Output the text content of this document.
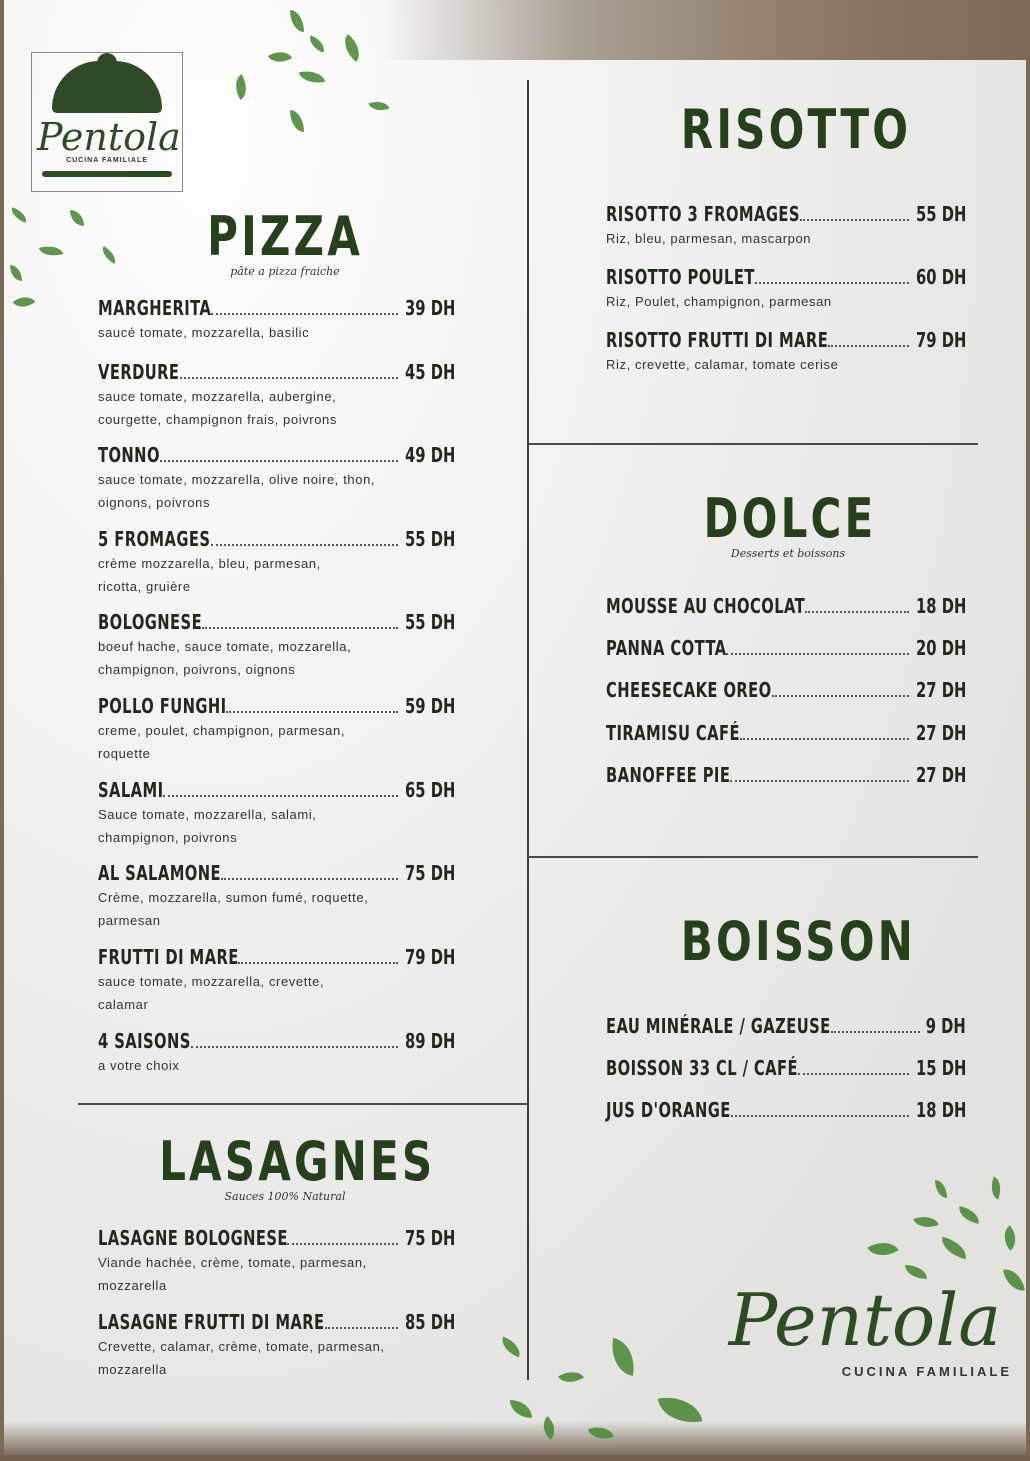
Pentola
CUCINA FAMILIALE
PIZZA
pâte a pizza fraiche
MARGHERITA	39 DH
saucé tomate, mozzarella, basilic
VERDURE	45 DH
sauce tomate, mozzarella, aubergine,
courgette, champignon frais, poivrons
TONNO	49 DH
sauce tomate, mozzarella, olive noire, thon,
oignons, poivrons
5 FROMAGES	55 DH
crème mozzarella, bleu, parmesan,
ricotta, gruière
BOLOGNESE	55 DH
boeuf hache, sauce tomate, mozzarella,
champignon, poivrons, oignons
POLLO FUNGHI	59 DH
creme, poulet, champignon, parmesan,
roquette
SALAMI	65 DH
Sauce tomate, mozzarella, salami,
champignon, poivrons
AL SALAMONE	75 DH
Crème, mozzarella, sumon fumé, roquette,
parmesan
FRUTTI DI MARE	79 DH
sauce tomate, mozzarella, crevette,
calamar
4 SAISONS	89 DH
a votre choix
LASAGNES
Sauces 100% Natural
LASAGNE BOLOGNESE	75 DH
Viande hachée, crème, tomate, parmesan,
mozzarella
LASAGNE FRUTTI DI MARE	85 DH
Crevette, calamar, crème, tomate, parmesan,
mozzarella
RISOTTO
RISOTTO 3 FROMAGES	55 DH
Riz, bleu, parmesan, mascarpon
RISOTTO POULET	60 DH
Riz, Poulet, champignon, parmesan
RISOTTO FRUTTI DI MARE	79 DH
Riz, crevette, calamar, tomate cerise
DOLCE
Desserts et boissons
MOUSSE AU CHOCOLAT	18 DH
PANNA COTTA	20 DH
CHEESECAKE OREO	27 DH
TIRAMISU CAFÉ	27 DH
BANOFFEE PIE	27 DH
BOISSON
EAU MINÉRALE / GAZEUSE	9 DH
BOISSON 33 CL / CAFÉ	15 DH
JUS D'ORANGE	18 DH
Pentola
CUCINA FAMILIALE
